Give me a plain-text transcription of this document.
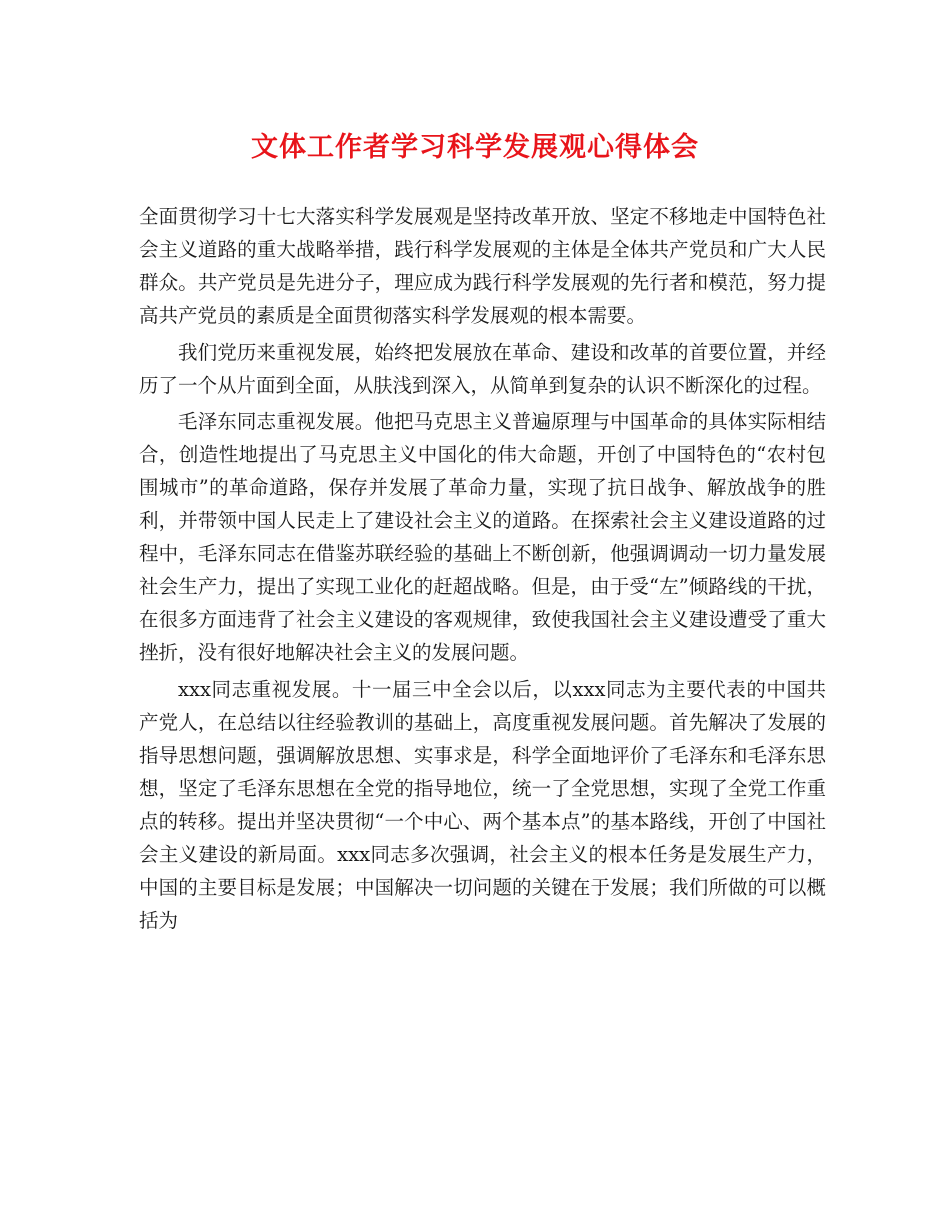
文体工作者学习科学发展观心得体会

全面贯彻学习十七大落实科学发展观是坚持改革开放、坚定不移地走中国特色社会主义道路的重大战略举措，践行科学发展观的主体是全体共产党员和广大人民群众。共产党员是先进分子，理应成为践行科学发展观的先行者和模范，努力提高共产党员的素质是全面贯彻落实科学发展观的根本需要。

我们党历来重视发展，始终把发展放在革命、建设和改革的首要位置，并经历了一个从片面到全面，从肤浅到深入，从简单到复杂的认识不断深化的过程。

毛泽东同志重视发展。他把马克思主义普遍原理与中国革命的具体实际相结合，创造性地提出了马克思主义中国化的伟大命题，开创了中国特色的“农村包围城市”的革命道路，保存并发展了革命力量，实现了抗日战争、解放战争的胜利，并带领中国人民走上了建设社会主义的道路。在探索社会主义建设道路的过程中，毛泽东同志在借鉴苏联经验的基础上不断创新，他强调调动一切力量发展社会生产力，提出了实现工业化的赶超战略。但是，由于受“左”倾路线的干扰，在很多方面违背了社会主义建设的客观规律，致使我国社会主义建设遭受了重大挫折，没有很好地解决社会主义的发展问题。

xxx同志重视发展。十一届三中全会以后，以xxx同志为主要代表的中国共产党人，在总结以往经验教训的基础上，高度重视发展问题。首先解决了发展的指导思想问题，强调解放思想、实事求是，科学全面地评价了毛泽东和毛泽东思想，坚定了毛泽东思想在全党的指导地位，统一了全党思想，实现了全党工作重点的转移。提出并坚决贯彻“一个中心、两个基本点”的基本路线，开创了中国社会主义建设的新局面。xxx同志多次强调，社会主义的根本任务是发展生产力，中国的主要目标是发展；中国解决一切问题的关键在于发展；我们所做的可以概括为
